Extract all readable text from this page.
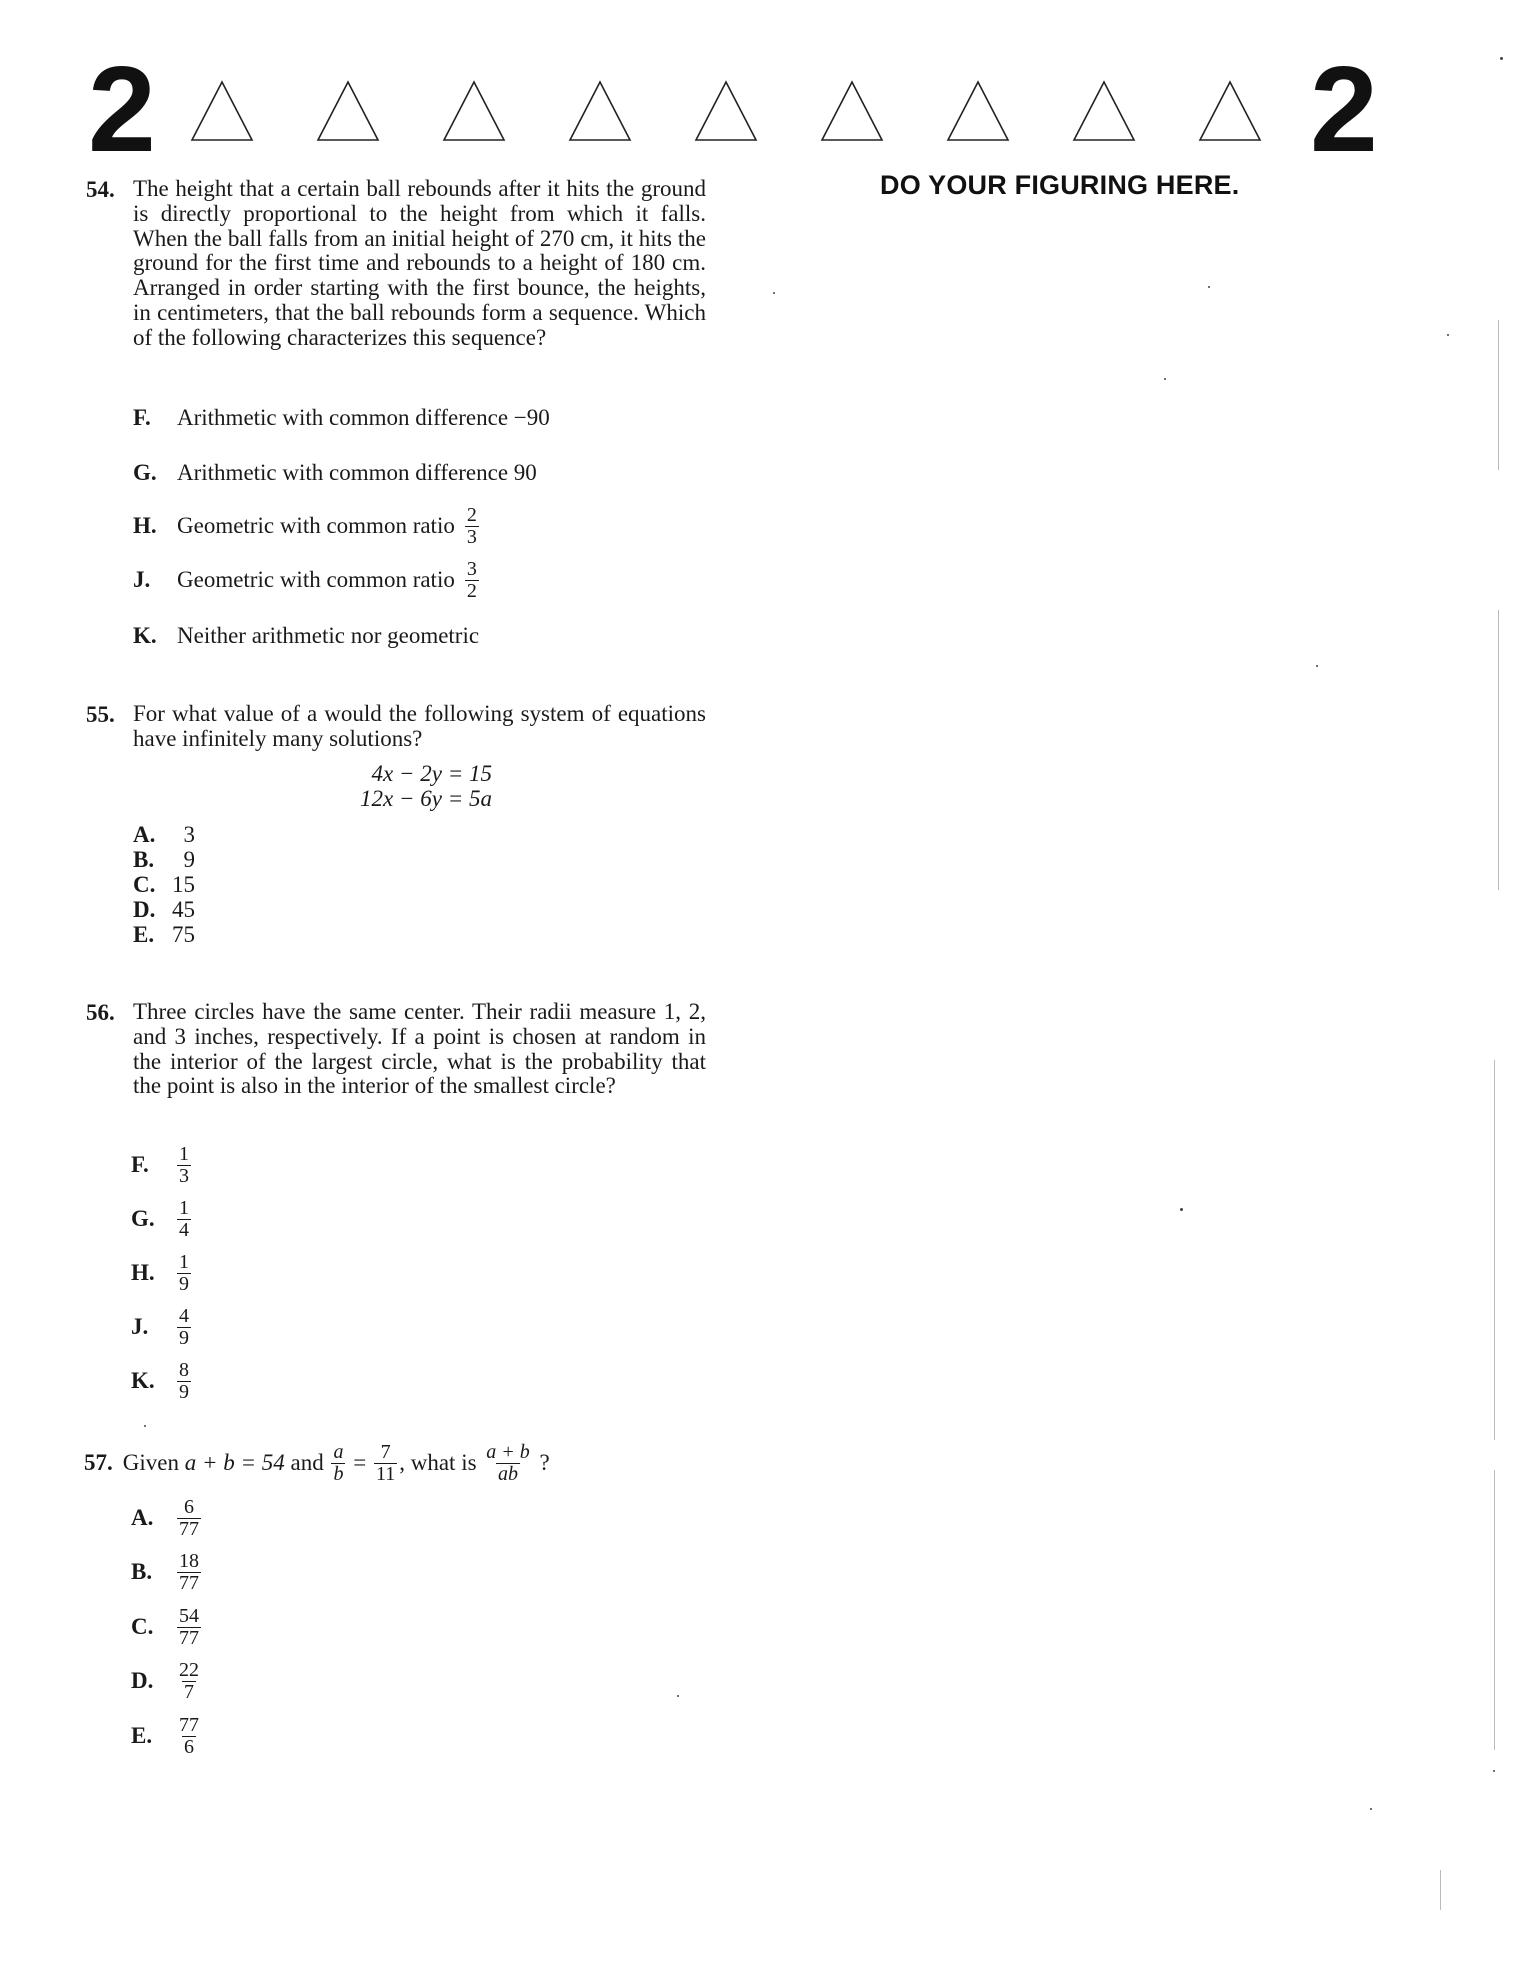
2	2
DO YOUR FIGURING HERE.
54. The height that a certain ball rebounds after it hits the ground is directly proportional to the height from which it falls. When the ball falls from an initial height of 270 cm, it hits the ground for the first time and rebounds to a height of 180 cm. Arranged in order starting with the first bounce, the heights, in centimeters, that the ball rebounds form a sequence. Which of the following characterizes this sequence?
F.	Arithmetic with common difference −90
G. Arithmetic with common difference 90
H. Geometric with common ratio $\frac{2}{3}$
J.	Geometric with common ratio $\frac{3}{2}$
K. Neither arithmetic nor geometric
55. For what value of a would the following system of equations have infinitely many solutions?
4x − 2y = 15
12x − 6y = 5a
A. 3
B. 9
C. 15
D. 45
E. 75
56. Three circles have the same center. Their radii measure 1, 2, and 3 inches, respectively. If a point is chosen at random in the interior of the largest circle, what is the probability that the point is also in the interior of the smallest circle?
F.	$\frac{1}{3}$
G.	$\frac{1}{4}$
H.	$\frac{1}{9}$
J.	$\frac{4}{9}$
K.	$\frac{8}{9}$
57. Given
a + b = 54
and
$\frac{a}{b}$
=
$\frac{7}{11}$ ,
what is
$\frac{a + b}{ab}$
?
A.	$\frac{6}{77}$
B.	$\frac{18}{77}$
C.	$\frac{54}{77}$
D.	$\frac{22}{7}$
E.	$\frac{77}{6}$
